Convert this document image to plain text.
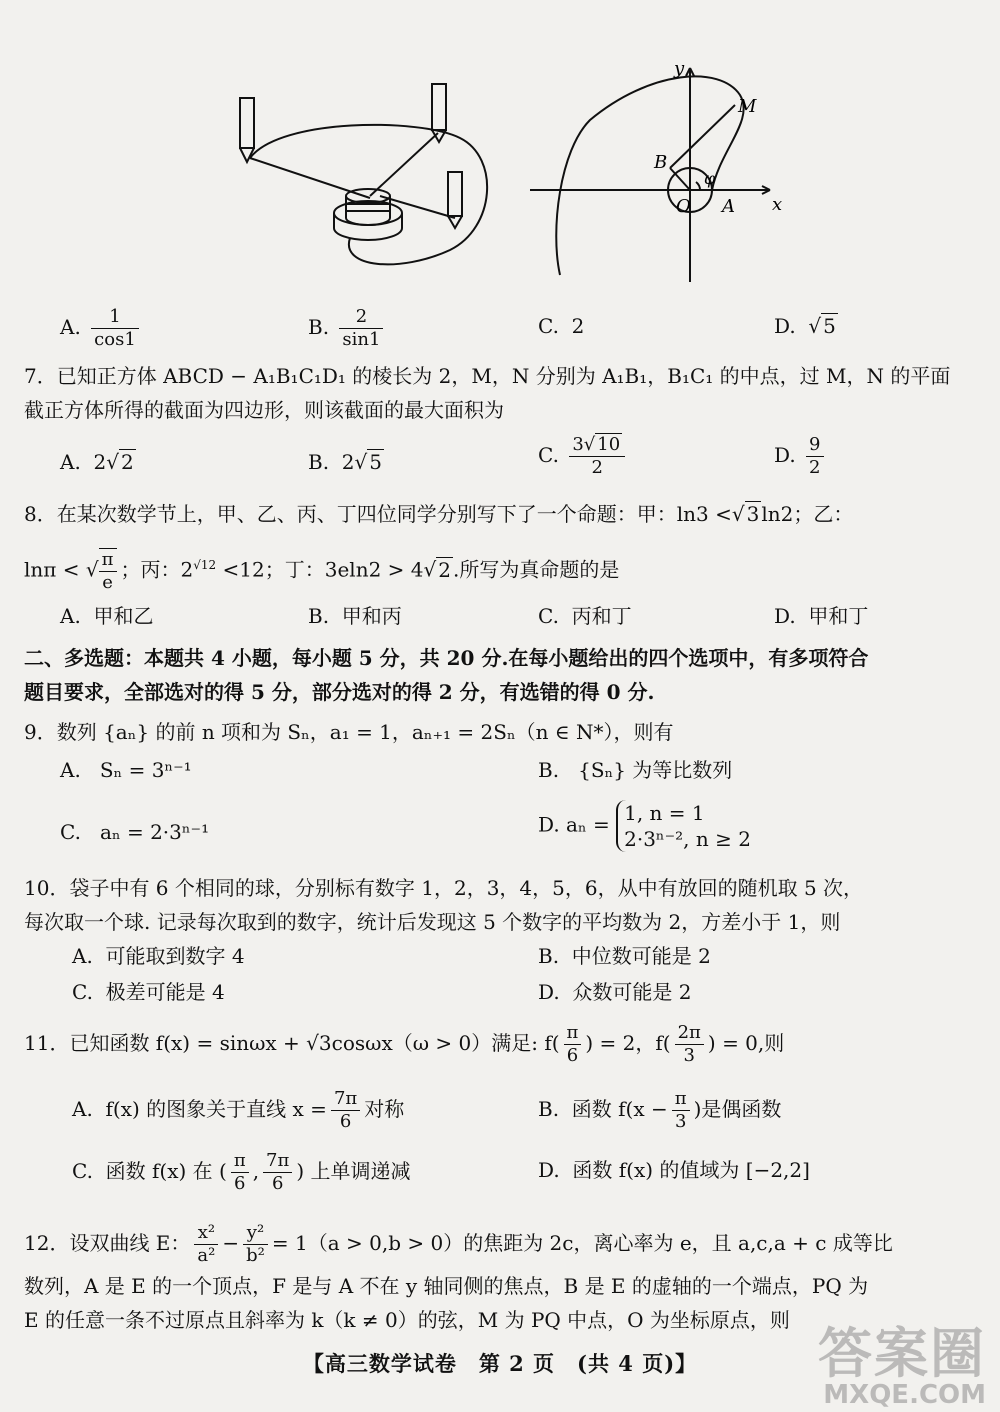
y
x
M
B
O A
φ
A. $\frac{1}{\cos 1}$	B. $\frac{2}{\sin 1}$	C. 2	D.  √ 5
7．已知正方体 ABCD − A₁B₁C₁D₁ 的棱长为 2，M，N 分别为 A₁B₁，B₁C₁ 的中点，过 M，N 的平面
截正方体所得的截面为四边形，则该截面的最大面积为
A. 2√ 2	B. 2√ 5	C. $\frac{3√ 10}{2}$	D. $\frac{9}{2}$
8．在某次数学节上，甲、乙、丙、丁四位同学分别写下了一个命题：甲：ln3 <√ 3 ln2；乙：
lnπ < √ $\frac{\pi}{e}$ ；丙：$2^{√12} <12$；丁：3eln2 > 4√ 2 .所写为真命题的是
A. 甲和乙	B. 甲和丙	C. 丙和丁	D. 甲和丁
二、多选题：本题共 4 小题，每小题 5 分，共 20 分.在每小题给出的四个选项中，有多项符合
题目要求，全部选对的得 5 分，部分选对的得 2 分，有选错的得 0 分.
9．数列 {aₙ} 的前 n 项和为 Sₙ，a₁ = 1，aₙ₊₁ = 2Sₙ（n ∈ N*），则有
A. Sₙ = 3ⁿ⁻¹	B. {Sₙ} 为等比数列
C. aₙ = 2·3ⁿ⁻¹	D. aₙ = 1, n = 1
2·3ⁿ⁻², n ≥ 2
10．袋子中有 6 个相同的球，分别标有数字 1，2，3，4，5，6，从中有放回的随机取 5 次，
每次取一个球. 记录每次取到的数字，统计后发现这 5 个数字的平均数为 2，方差小于 1，则
A. 可能取到数字 4	B. 中位数可能是 2
C. 极差可能是 4	D. 众数可能是 2
11．已知函数 f(x) = sinωx + √3cosωx（ω > 0）满足: $f( \frac{\pi}{6}$ ) = 2，$f( \frac{2\pi}{3}$ ) = 0,则
A. f(x) 的图象关于直线 $x = \frac{7\pi}{6}$ 对称	B. 函数 $f(x - \frac{\pi}{3}$ )是偶函数
C. 函数 f(x) 在 ( $\frac{\pi}{6}$ , $\frac{7\pi}{6}$ ) 上单调递减	D. 函数 f(x) 的值域为 [−2,2]
12．设双曲线 E： $\frac{\text{x²}}{\text{a²}} - \frac{\text{y²}}{\text{b²}} = 1(a > 0,b > 0)$的焦距为 2c，离心率为 e，且 a,c,a + c 成等比
数列，A 是 E 的一个顶点，F 是与 A 不在 y 轴同侧的焦点，B 是 E 的虚轴的一个端点，PQ 为
E 的任意一条不过原点且斜率为 k（k ≠ 0）的弦，M 为 PQ 中点，O 为坐标原点，则
【高三数学试卷　第 2 页　(共 4 页)】	答案圈
MXQE.COM
